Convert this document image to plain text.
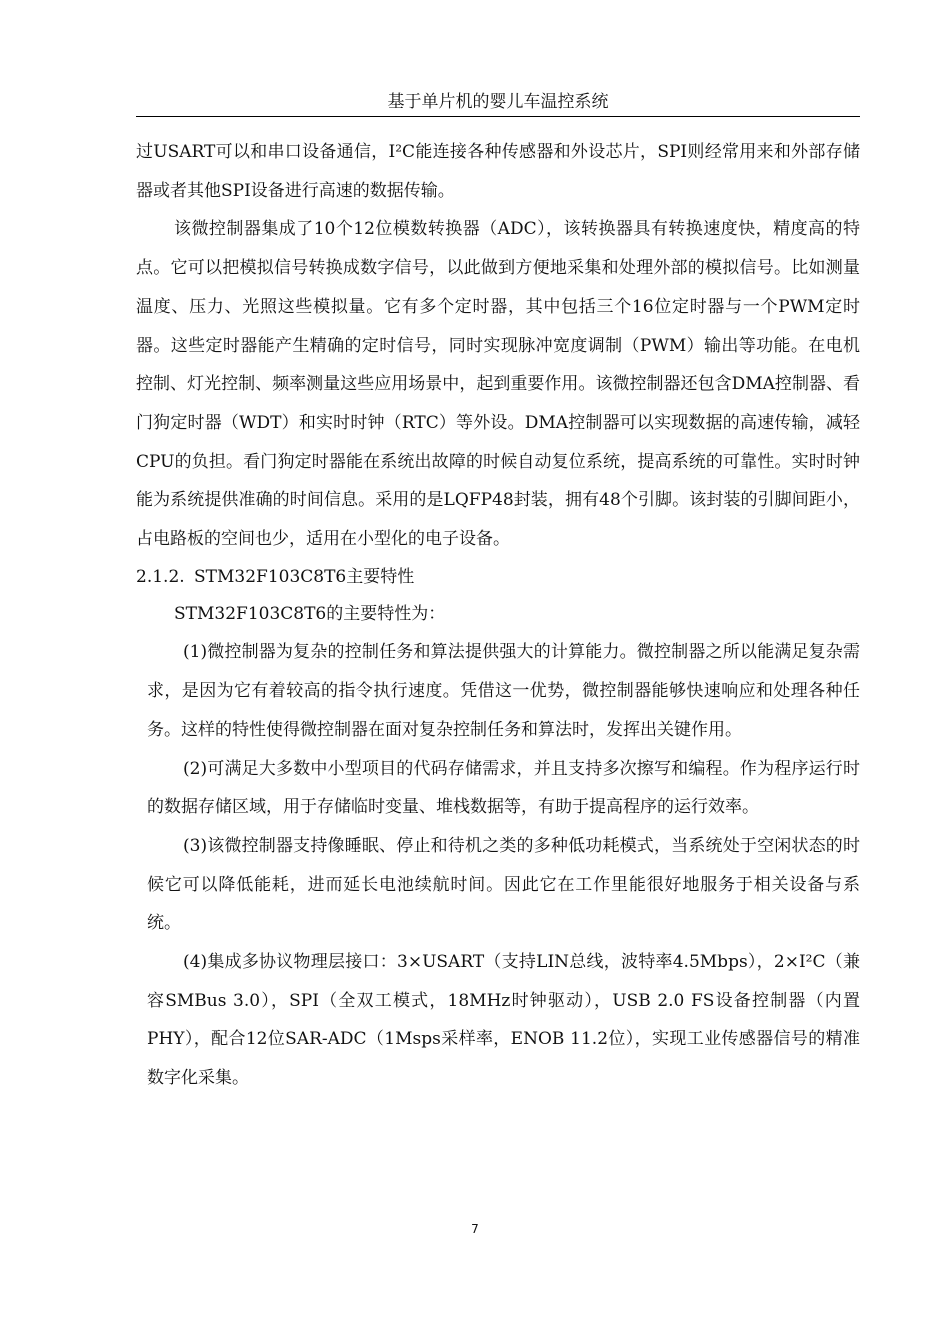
基于单片机的婴儿车温控系统

过USART可以和串口设备通信，I²C能连接各种传感器和外设芯片，SPI则经常用来和外部存储器或者其他SPI设备进行高速的数据传输。

该微控制器集成了10个12位模数转换器（ADC），该转换器具有转换速度快，精度高的特点。它可以把模拟信号转换成数字信号，以此做到方便地采集和处理外部的模拟信号。比如测量温度、压力、光照这些模拟量。它有多个定时器，其中包括三个16位定时器与一个PWM定时器。这些定时器能产生精确的定时信号，同时实现脉冲宽度调制（PWM）输出等功能。在电机控制、灯光控制、频率测量这些应用场景中，起到重要作用。该微控制器还包含DMA控制器、看门狗定时器（WDT）和实时时钟（RTC）等外设。DMA控制器可以实现数据的高速传输，减轻CPU的负担。看门狗定时器能在系统出故障的时候自动复位系统，提高系统的可靠性。实时时钟能为系统提供准确的时间信息。采用的是LQFP48封装，拥有48个引脚。该封装的引脚间距小，占电路板的空间也少，适用在小型化的电子设备。

2.1.2. STM32F103C8T6主要特性

STM32F103C8T6的主要特性为：

(1)微控制器为复杂的控制任务和算法提供强大的计算能力。微控制器之所以能满足复杂需求，是因为它有着较高的指令执行速度。凭借这一优势，微控制器能够快速响应和处理各种任务。这样的特性使得微控制器在面对复杂控制任务和算法时，发挥出关键作用。

(2)可满足大多数中小型项目的代码存储需求，并且支持多次擦写和编程。作为程序运行时的数据存储区域，用于存储临时变量、堆栈数据等，有助于提高程序的运行效率。

(3)该微控制器支持像睡眠、停止和待机之类的多种低功耗模式，当系统处于空闲状态的时候它可以降低能耗，进而延长电池续航时间。因此它在工作里能很好地服务于相关设备与系统。

(4)集成多协议物理层接口：3×USART（支持LIN总线，波特率4.5Mbps），2×I²C（兼容SMBus 3.0），SPI（全双工模式，18MHz时钟驱动），USB 2.0 FS设备控制器（内置PHY），配合12位SAR-ADC（1Msps采样率，ENOB 11.2位），实现工业传感器信号的精准数字化采集。

7
